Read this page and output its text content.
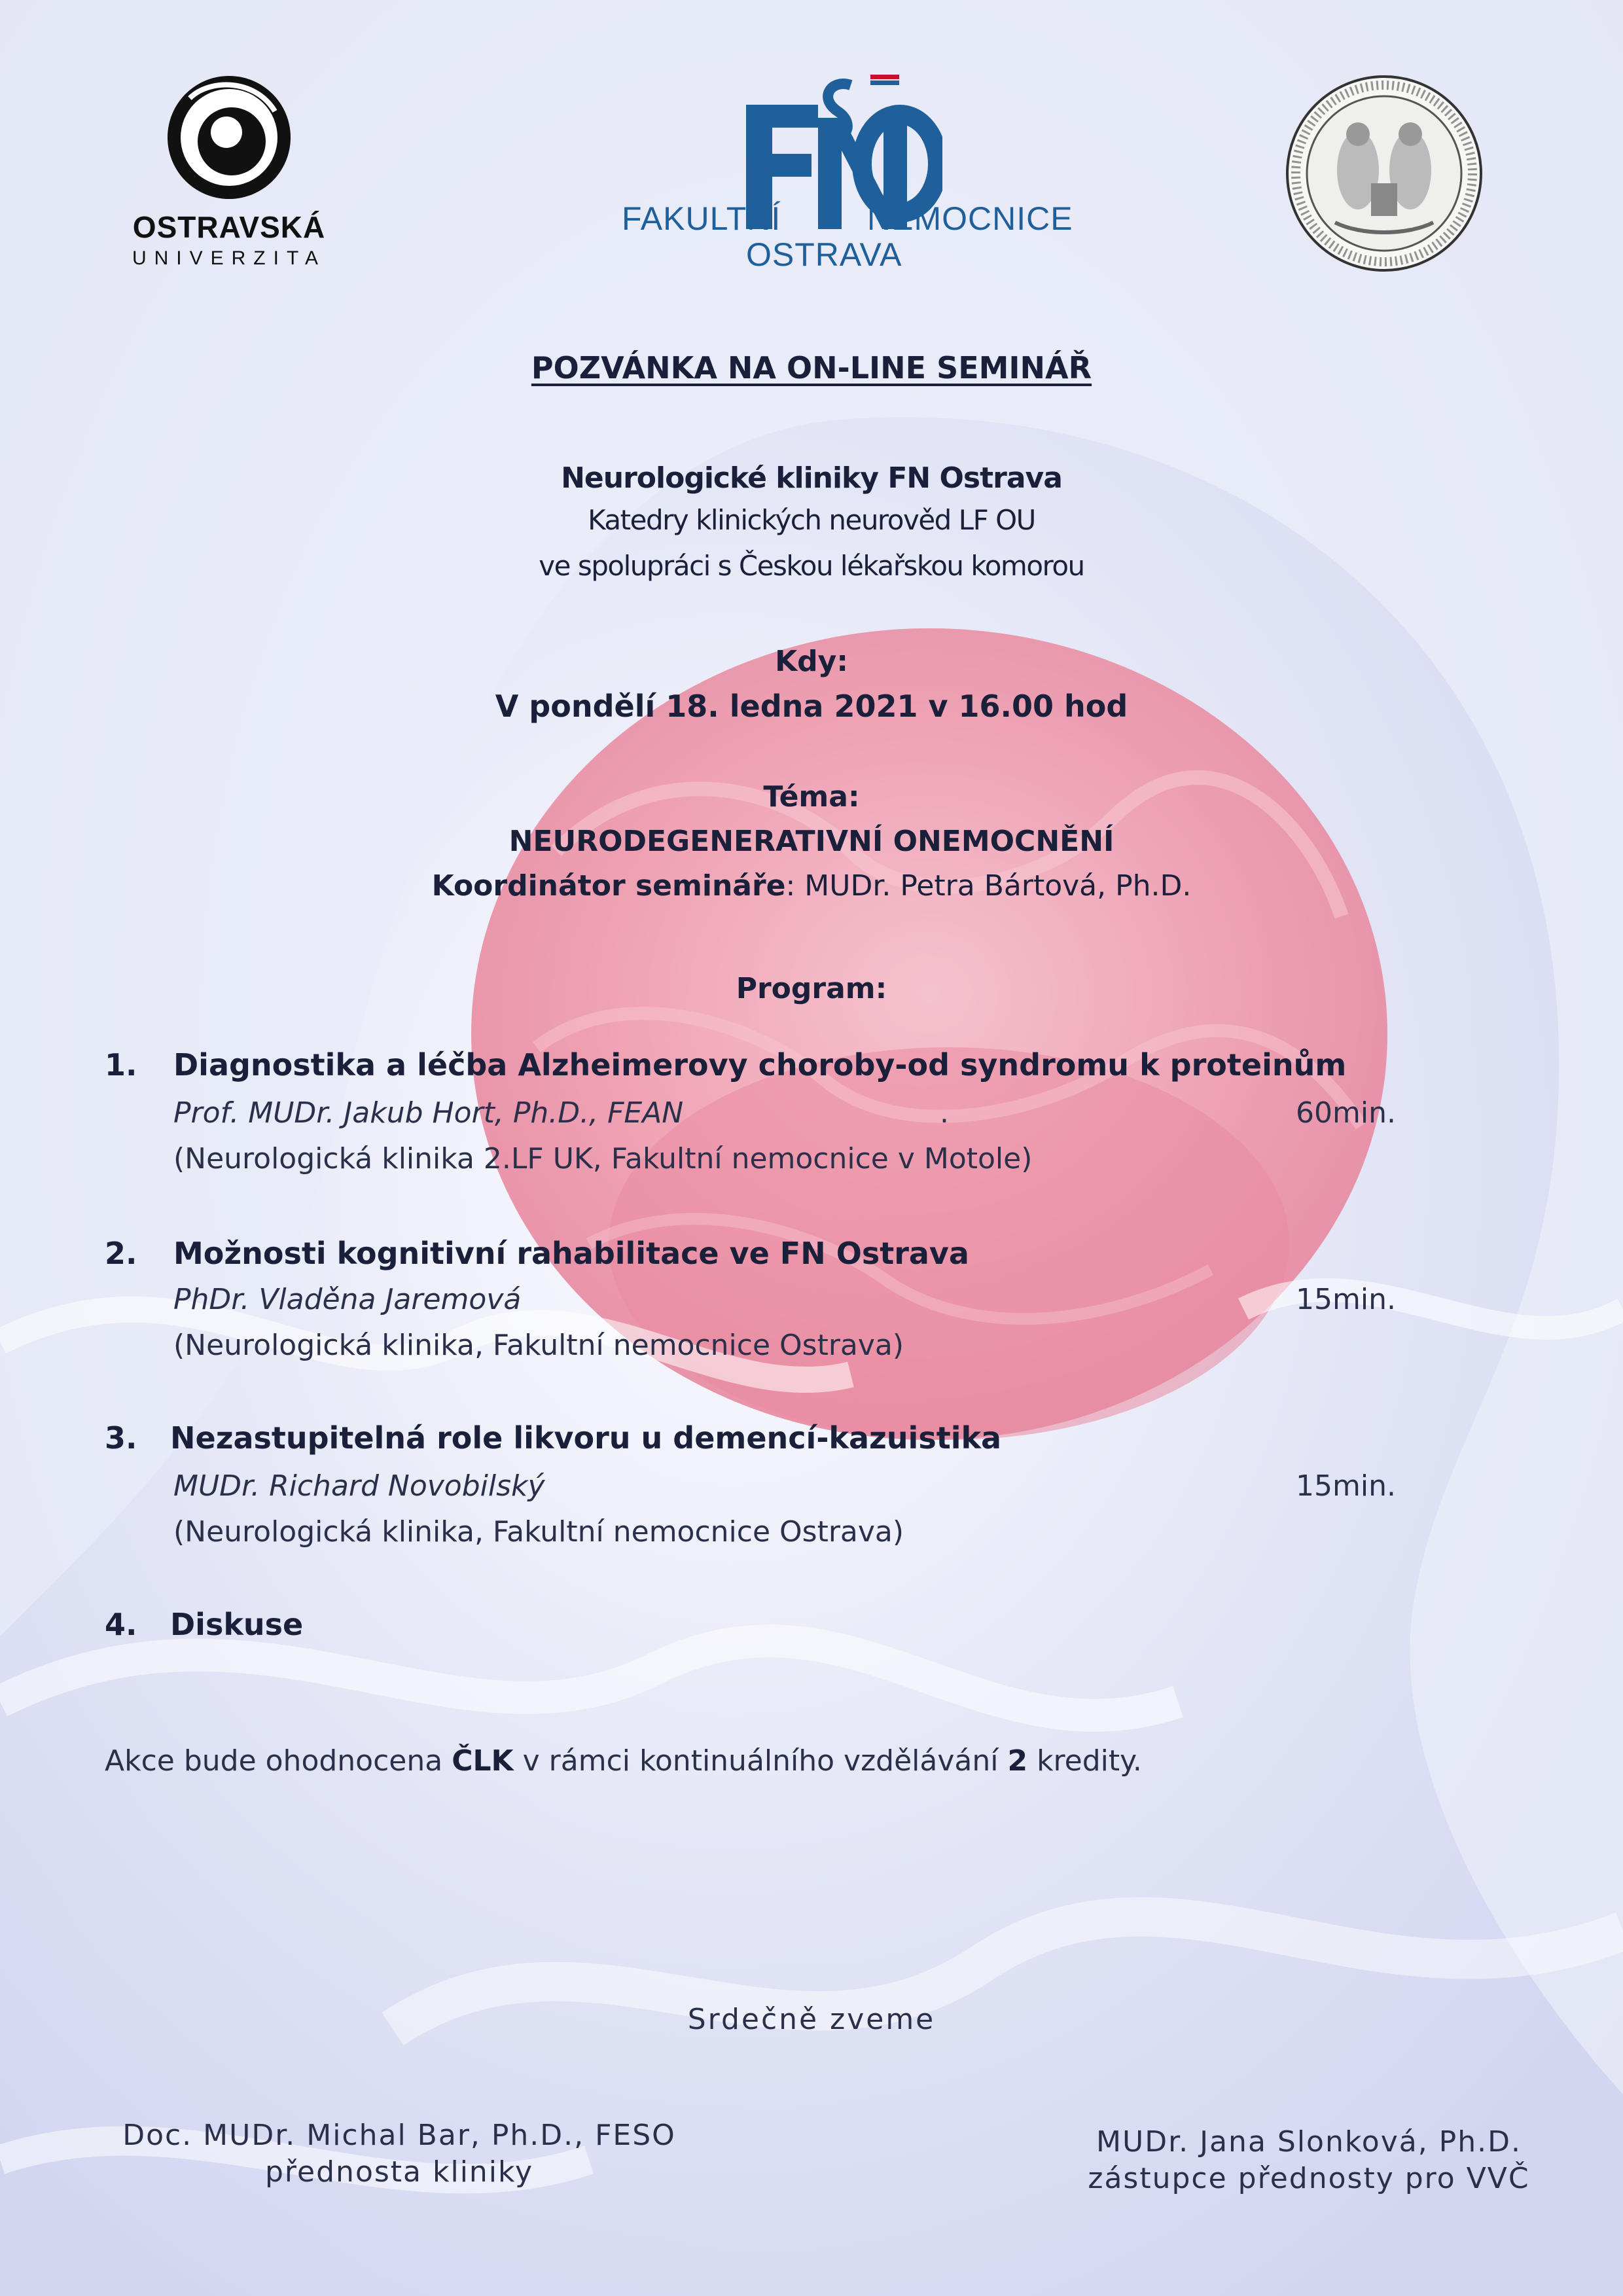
OSTRAVSKÁ
UNIVERZITA
FAKULTNÍ	NEMOCNICE
OSTRAVA
POZVÁNKA NA ON-LINE SEMINÁŘ
Neurologické kliniky FN Ostrava
Katedry klinických neurověd LF OU
ve spolupráci s Českou lékařskou komorou
Kdy:
V pondělí 18. ledna 2021 v 16.00 hod
Téma:
NEURODEGENERATIVNÍ ONEMOCNĚNÍ
Koordinátor semináře: MUDr. Petra Bártová, Ph.D.
Program:
1. Diagnostika a léčba Alzheimerovy choroby-od syndromu k proteinům
Prof. MUDr. Jakub Hort, Ph.D., FEAN	.	60min.
(Neurologická klinika 2.LF UK, Fakultní nemocnice v Motole)
2. Možnosti kognitivní rahabilitace ve FN Ostrava
PhDr. Vladěna Jaremová	15min.
(Neurologická klinika, Fakultní nemocnice Ostrava)
3. Nezastupitelná role likvoru u demencí-kazuistika
MUDr. Richard Novobilský	15min.
(Neurologická klinika, Fakultní nemocnice Ostrava)
4. Diskuse
Akce bude ohodnocena ČLK v rámci kontinuálního vzdělávání 2 kredity.
Srdečně zveme
Doc. MUDr. Michal Bar, Ph.D., FESO
přednosta kliniky
MUDr. Jana Slonková, Ph.D.
zástupce přednosty pro VVČ
